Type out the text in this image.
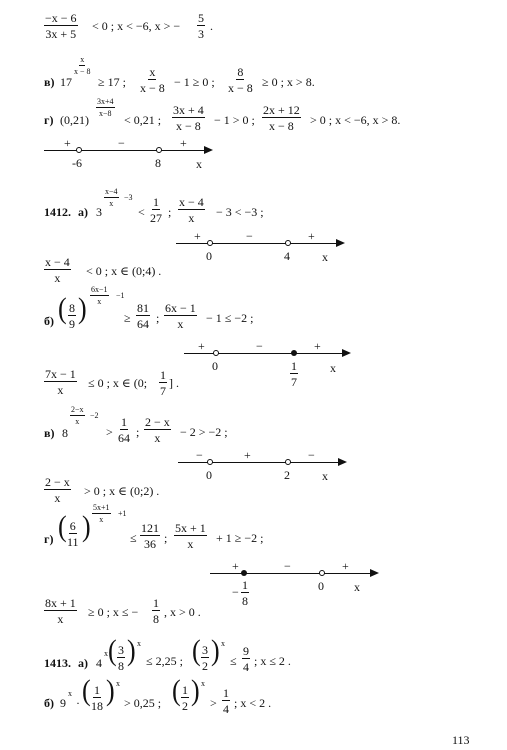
$\frac{-x - 6}{3x + 5} < 0$ ; x < −6, x > − $\frac{5}{3}$ .
в) 17
$\frac{x}{x - 8}$
≥ 17 ; $\frac{x}{x - 8} - 1 \ge 0$ ; $\frac{8}{x - 8} \ge 0$ ; x > 8.
г) (0,21)
$\frac{3x+4}{x-8}$
< 0,21 ; $\frac{3x + 4}{x - 8} - 1 > 0$ ; $\frac{2x + 12}{x - 8} > 0$ ; x < −6, x > 8.
+	−	+
-6	8	x
1412. а) 3
$\frac{x-4}{x} -3$
< $\frac{1}{27}$ ; $\frac{x - 4}{x} - 3 < -3$ ;
+	−	+
0	4	x
$\frac{x - 4}{x} < 0$ ; x ∈ (0;4) .
б) ( $\frac{8}{9}$ ) $\frac{6x-1}{x} -1$
≥ $\frac{81}{64}$ ; $\frac{6x - 1}{x} - 1 \le -2$ ;
+	−	+
0	$\frac{1}{7}$	x
$\frac{7x - 1}{x} \le 0$ ; x ∈ (0; $\frac{1}{7}$ ] .
в) 8
$\frac{2-x}{x} -2$
> $\frac{1}{64}$ ; $\frac{2 - x}{x} - 2 > -2$ ;
−	+	−
0	2	x
$\frac{2 - x}{x} > 0$ ; x ∈ (0;2) .
г) ( $\frac{6}{11}$ ) $\frac{5x+1}{x} +1$
≤ $\frac{121}{36}$ ; $\frac{5x + 1}{x} + 1 \ge -2$ ;
+	−	+
− $\frac{1}{8}$	0	x
$\frac{8x + 1}{x} \ge 0$ ; x ≤ − $\frac{1}{8}$ , x > 0 .
1413. а) 4
x ( $\frac{3}{8}$ ) x
≤ 2,25 ; ( $\frac{3}{2}$ ) x
≤ $\frac{9}{4}$ ; x ≤ 2 .
б) 9
x
· ( $\frac{1}{18}$ ) x
> 0,25 ; ( $\frac{1}{2}$ ) x
> $\frac{1}{4}$ ; x < 2 .
113
